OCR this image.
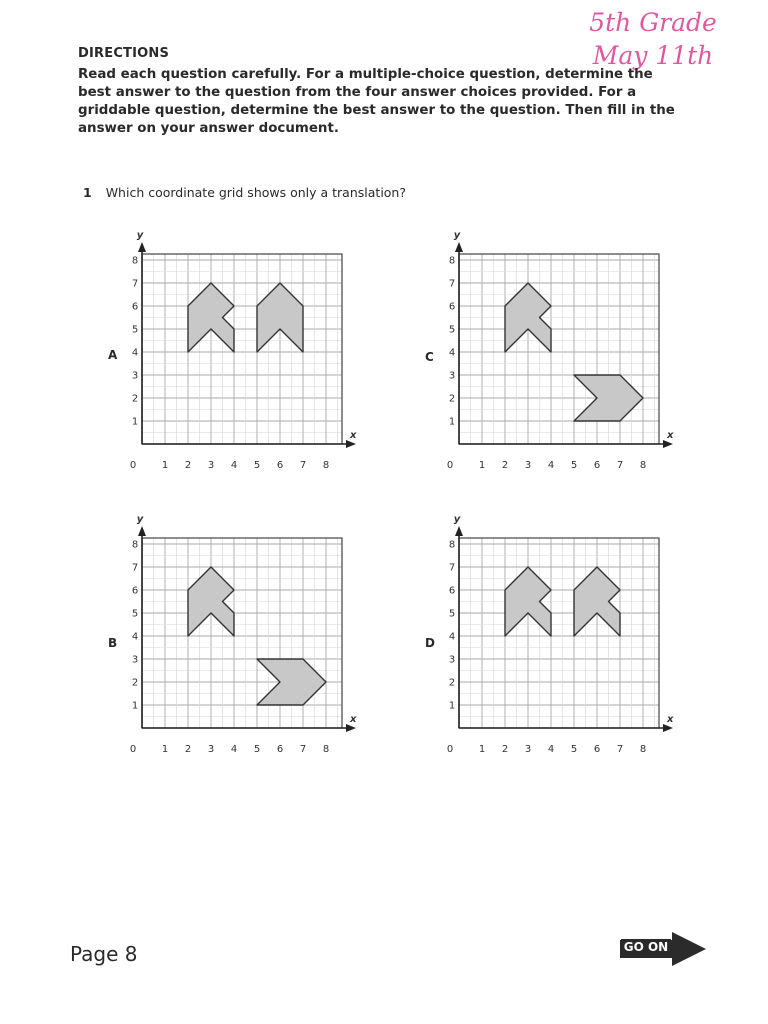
5th Grade
May 11th
DIRECTIONS
Read each question carefully. For a multiple-choice question, determine the best answer to the question from the four answer choices provided. For a griddable question, determine the best answer to the question. Then fill in the answer on your answer document.
1 Which coordinate grid shows only a translation?
A
x
y
0	1 2 3 4 5 6 7 8
1
2
3
4
5
6
7
8
C
x
y
0	1 2 3 4 5 6 7 8
1
2
3
4
5
6
7
8
B
x
y
0	1 2 3 4 5 6 7 8
1
2
3
4
5
6
7
8
D
x
y
0	1 2 3 4 5 6 7 8
1
2
3
4
5
6
7
8
Page 8	GO ON
